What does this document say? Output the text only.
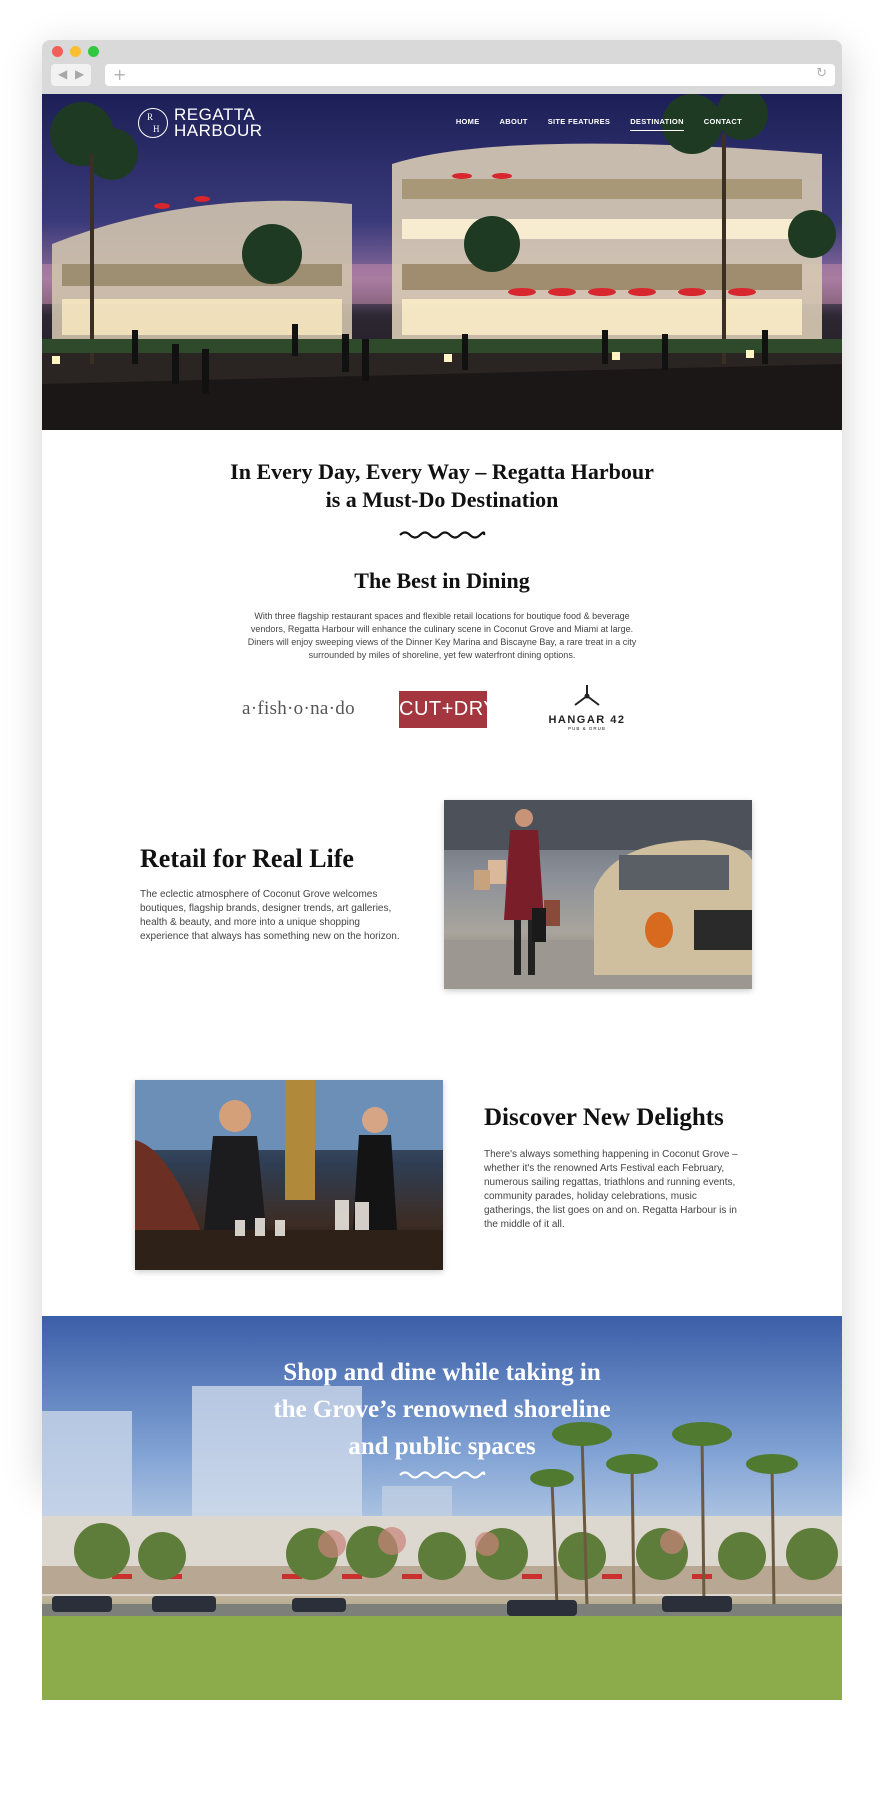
◀ ▶ +	↻
R
H
REGATTA
HARBOUR	HOME	ABOUT	SITE FEATURES	DESTINATION	CONTACT
In Every Day, Every Way – Regatta Harbour
is a Must-Do Destination
The Best in Dining

With three flagship restaurant spaces and flexible retail locations for boutique food & beverage vendors, Regatta Harbour will enhance the culinary scene in Coconut Grove and Miami at large. Diners will enjoy sweeping views of the Dinner Key Marina and Biscayne Bay, a rare treat in a city surrounded by miles of shoreline, yet few waterfront dining options.

a·fish·o·na·do CUT+DRY	HANGAR 42
PUB & GRUB
Retail for Real Life

The eclectic atmosphere of Coconut Grove welcomes boutiques, flagship brands, designer trends, art galleries, health & beauty, and more into a unique shopping experience that always has something new on the horizon.

Discover New Delights

There's always something happening in Coconut Grove – whether it's the renowned Arts Festival each February, numerous sailing regattas, triathlons and running events, community parades, holiday celebrations, music gatherings, the list goes on and on. Regatta Harbour is in the middle of it all.

Shop and dine while taking in
the Grove’s renowned shoreline
and public spaces
